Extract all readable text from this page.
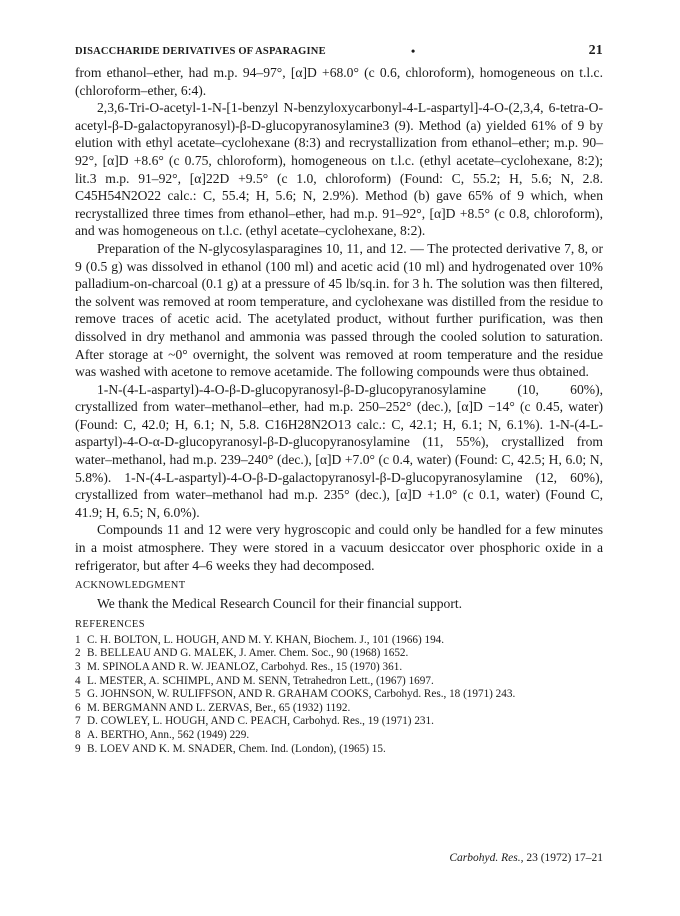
DISACCHARIDE DERIVATIVES OF ASPARAGINE	•	21

from ethanol–ether, had m.p. 94–97°, [α]D +68.0° (c 0.6, chloroform), homogeneous on t.l.c. (chloroform–ether, 6:4).

2,3,6-Tri-O-acetyl-1-N-[1-benzyl N-benzyloxycarbonyl-4-L-aspartyl]-4-O-(2,3,4, 6-tetra-O-acetyl-β-D-galactopyranosyl)-β-D-glucopyranosylamine3 (9). Method (a) yielded 61% of 9 by elution with ethyl acetate–cyclohexane (8:3) and recrystallization from ethanol–ether; m.p. 90–92°, [α]D +8.6° (c 0.75, chloroform), homogeneous on t.l.c. (ethyl acetate–cyclohexane, 8:2); lit.3 m.p. 91–92°, [α]22D +9.5° (c 1.0, chloroform) (Found: C, 55.2; H, 5.6; N, 2.8. C45H54N2O22 calc.: C, 55.4; H, 5.6; N, 2.9%). Method (b) gave 65% of 9 which, when recrystallized three times from ethanol–ether, had m.p. 91–92°, [α]D +8.5° (c 0.8, chloroform), and was homogeneous on t.l.c. (ethyl acetate–cyclohexane, 8:2).

Preparation of the N-glycosylasparagines 10, 11, and 12. — The protected derivative 7, 8, or 9 (0.5 g) was dissolved in ethanol (100 ml) and acetic acid (10 ml) and hydrogenated over 10% palladium-on-charcoal (0.1 g) at a pressure of 45 lb/sq.in. for 3 h. The solution was then filtered, the solvent was removed at room temperature, and cyclohexane was distilled from the residue to remove traces of acetic acid. The acetylated product, without further purification, was then dissolved in dry methanol and ammonia was passed through the cooled solution to saturation. After storage at ~0° overnight, the solvent was removed at room temperature and the residue was washed with acetone to remove acetamide. The following compounds were thus obtained.

1-N-(4-L-aspartyl)-4-O-β-D-glucopyranosyl-β-D-glucopyranosylamine (10, 60%), crystallized from water–methanol–ether, had m.p. 250–252° (dec.), [α]D −14° (c 0.45, water) (Found: C, 42.0; H, 6.1; N, 5.8. C16H28N2O13 calc.: C, 42.1; H, 6.1; N, 6.1%). 1-N-(4-L-aspartyl)-4-O-α-D-glucopyranosyl-β-D-glucopyranosylamine (11, 55%), crystallized from water–methanol, had m.p. 239–240° (dec.), [α]D +7.0° (c 0.4, water) (Found: C, 42.5; H, 6.0; N, 5.8%). 1-N-(4-L-aspartyl)-4-O-β-D-galactopyranosyl-β-D-glucopyranosylamine (12, 60%), crystallized from water–methanol had m.p. 235° (dec.), [α]D +1.0° (c 0.1, water) (Found C, 41.9; H, 6.5; N, 6.0%).

Compounds 11 and 12 were very hygroscopic and could only be handled for a few minutes in a moist atmosphere. They were stored in a vacuum desiccator over phosphoric oxide in a refrigerator, but after 4–6 weeks they had decomposed.

ACKNOWLEDGMENT

We thank the Medical Research Council for their financial support.

REFERENCES
1 C. H. BOLTON, L. HOUGH, AND M. Y. KHAN, Biochem. J., 101 (1966) 194.
2 B. BELLEAU AND G. MALEK, J. Amer. Chem. Soc., 90 (1968) 1652.
3 M. SPINOLA AND R. W. JEANLOZ, Carbohyd. Res., 15 (1970) 361.
4 L. MESTER, A. SCHIMPL, AND M. SENN, Tetrahedron Lett., (1967) 1697.
5 G. JOHNSON, W. RULIFFSON, AND R. GRAHAM COOKS, Carbohyd. Res., 18 (1971) 243.
6 M. BERGMANN AND L. ZERVAS, Ber., 65 (1932) 1192.
7 D. COWLEY, L. HOUGH, AND C. PEACH, Carbohyd. Res., 19 (1971) 231.
8 A. BERTHO, Ann., 562 (1949) 229.
9 B. LOEV AND K. M. SNADER, Chem. Ind. (London), (1965) 15.
Carbohyd. Res., 23 (1972) 17–21
